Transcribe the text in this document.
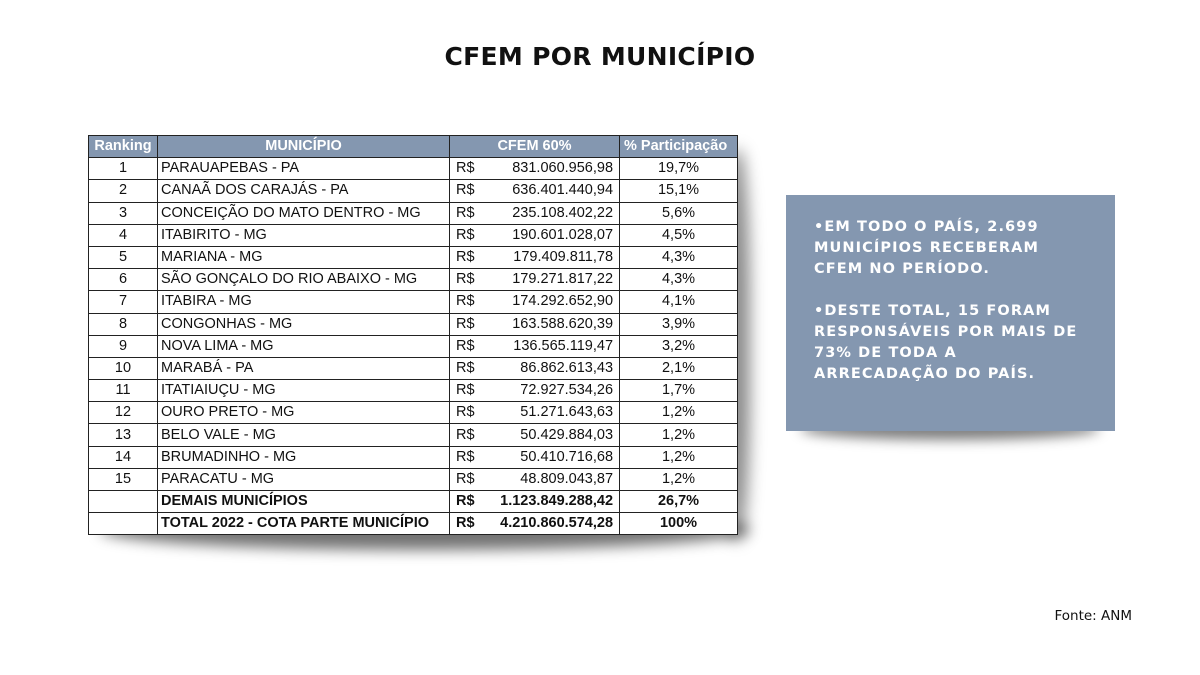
CFEM POR MUNICÍPIO
Ranking	MUNICÍPIO	CFEM 60%		% Participação
1	PARAUAPEBAS - PA	R$	831.060.956,98	19,7%
2	CANAÃ DOS CARAJÁS - PA	R$	636.401.440,94	15,1%
3	CONCEIÇÃO DO MATO DENTRO - MG	R$	235.108.402,22	5,6%
4	ITABIRITO - MG	R$	190.601.028,07	4,5%
5	MARIANA - MG	R$	179.409.811,78	4,3%
6	SÃO GONÇALO DO RIO ABAIXO - MG	R$	179.271.817,22	4,3%
7	ITABIRA - MG	R$	174.292.652,90	4,1%
8	CONGONHAS - MG	R$	163.588.620,39	3,9%
9	NOVA LIMA - MG	R$	136.565.119,47	3,2%
10	MARABÁ - PA	R$	86.862.613,43	2,1%
11	ITATIAIUÇU - MG	R$	72.927.534,26	1,7%
12	OURO PRETO - MG	R$	51.271.643,63	1,2%
13	BELO VALE - MG	R$	50.429.884,03	1,2%
14	BRUMADINHO - MG	R$	50.410.716,68	1,2%
15	PARACATU - MG	R$	48.809.043,87	1,2%
	DEMAIS MUNICÍPIOS	R$	1.123.849.288,42	26,7%
	TOTAL 2022 - COTA PARTE MUNICÍPIO	R$	4.210.860.574,28	100%

•EM TODO O PAÍS, 2.699 MUNICÍPIOS RECEBERAM CFEM NO PERÍODO.

•DESTE TOTAL, 15 FORAM RESPONSÁVEIS POR MAIS DE 73% DE TODA A ARRECADAÇÃO DO PAÍS.

Fonte: ANM
